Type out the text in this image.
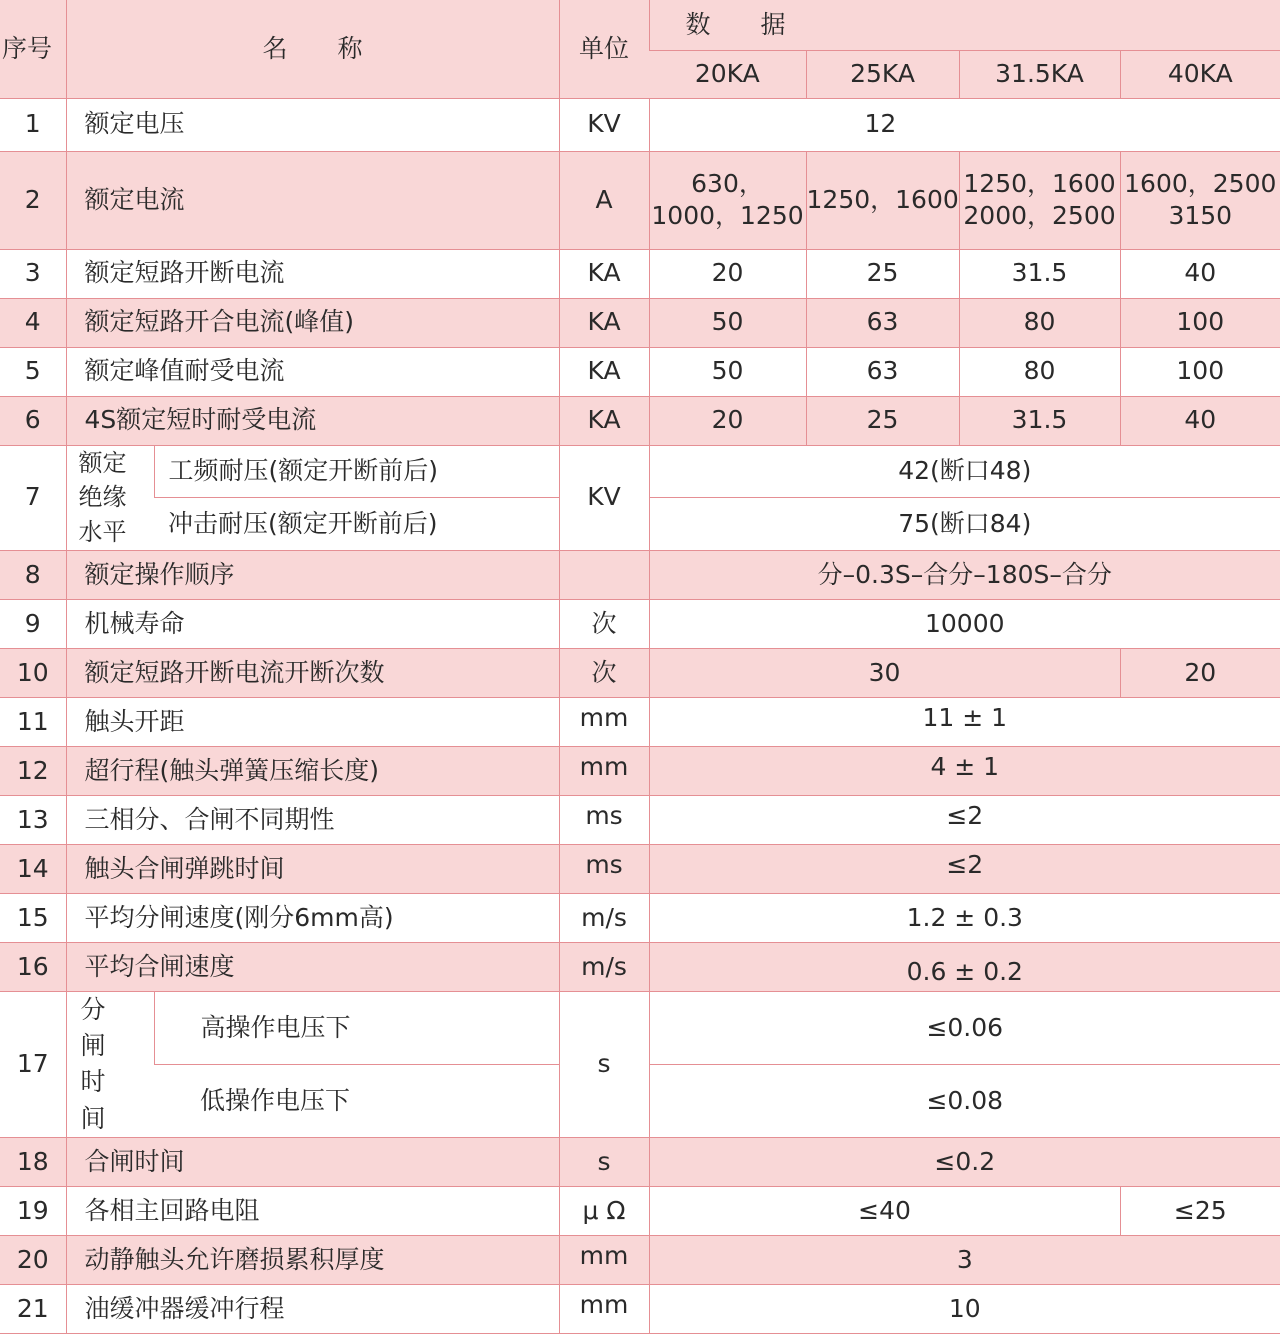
序号	名　　称		单位	数　　据			
				20KA	25KA	31.5KA	40KA
1	额定电压		KV	12			
2	额定电流		A	630，1000，1250	1250，1600	1250，1600 2000，2500	1600，2500 3150
3	额定短路开断电流		KA	20	25	31.5	40
4	额定短路开合电流(峰值)		KA	50	63	80	100
5	额定峰值耐受电流		KA	50	63	80	100
6	4S额定短时耐受电流		KA	20	25	31.5	40
7	额定绝缘水平	工频耐压(额定开断前后)	KV	42(断口48)			
		冲击耐压(额定开断前后)		75(断口84)			
8	额定操作顺序			分–0.3S–合分–180S–合分			
9	机械寿命		次	10000			
10	额定短路开断电流开断次数		次	30			20
11	触头开距		mm	11 ± 1			
12	超行程(触头弹簧压缩长度)		mm	4 ± 1			
13	三相分、合闸不同期性		ms	≤2			
14	触头合闸弹跳时间		ms	≤2			
15	平均分闸速度(刚分6mm高)		m/s	1.2 ± 0.3			
16	平均合闸速度		m/s	0.6 ± 0.2			
17	分闸时间	高操作电压下	s	≤0.06			
		低操作电压下		≤0.08			
18	合闸时间		s	≤0.2			
19	各相主回路电阻		μ Ω	≤40			≤25
20	动静触头允许磨损累积厚度		mm	3			
21	油缓冲器缓冲行程		mm	10			
